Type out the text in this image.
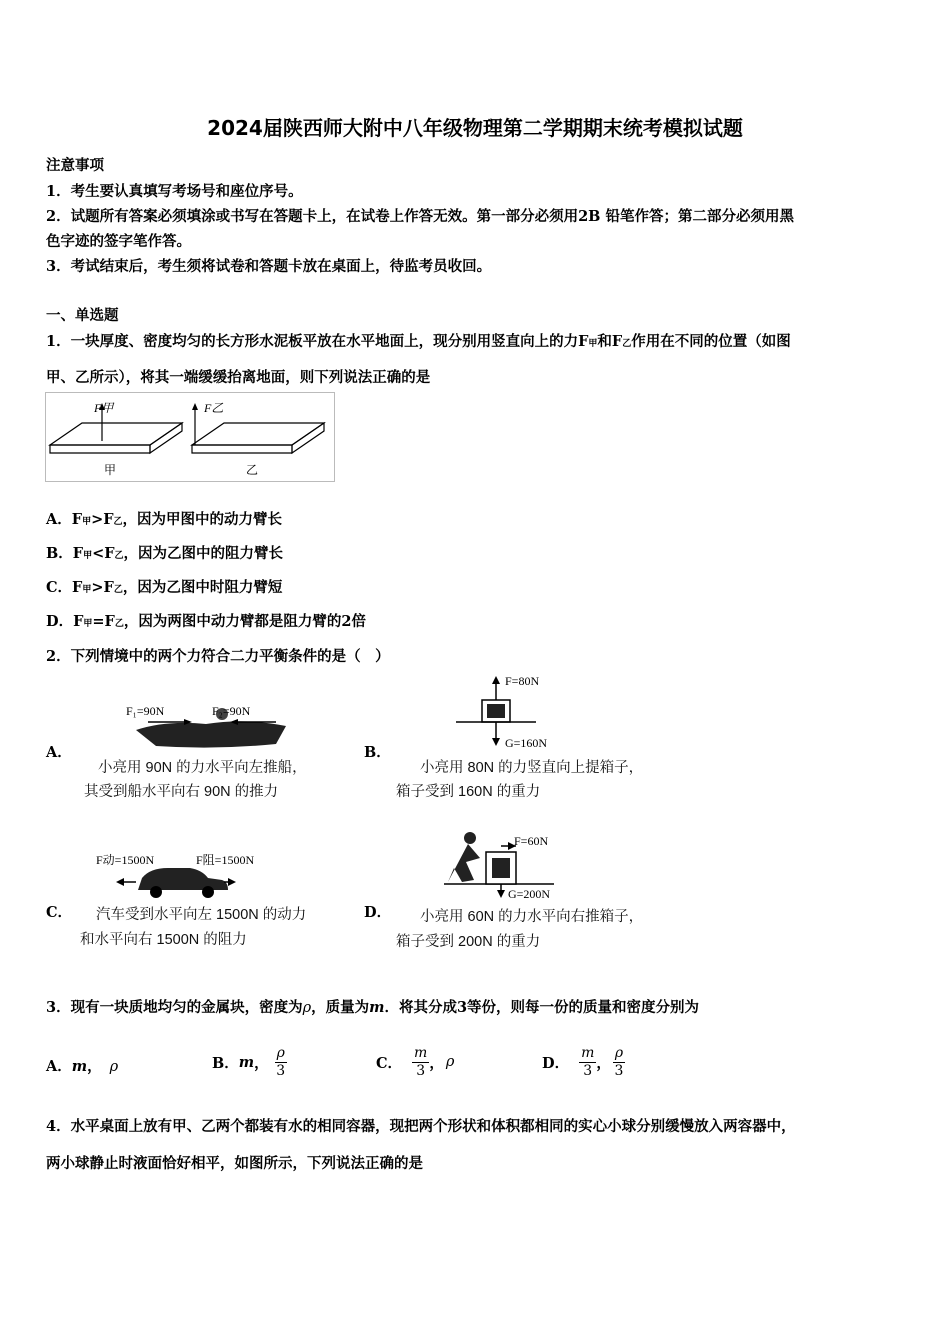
2024届陕西师大附中八年级物理第二学期期末统考模拟试题
注意事项
1．考生要认真填写考场号和座位序号。
2．试题所有答案必须填涂或书写在答题卡上，在试卷上作答无效。第一部分必须用2B 铅笔作答；第二部分必须用黑
色字迹的签字笔作答。
3．考试结束后，考生须将试卷和答题卡放在桌面上，待监考员收回。
一、单选题
1．一块厚度、密度均匀的长方形水泥板平放在水平地面上，现分别用竖直向上的力F甲和F乙作用在不同的位置（如图
甲、乙所示），将其一端缓缓抬离地面，则下列说法正确的是
F甲	F乙
甲	乙
A．F甲>F乙，因为甲图中的动力臂长
B．F甲<F乙，因为乙图中的阻力臂长
C．F甲>F乙，因为乙图中时阻力臂短
D．F甲=F乙，因为两图中动力臂都是阻力臂的2倍
2．下列情境中的两个力符合二力平衡条件的是（　）
A．
F₁=90N	F₂=90N
小亮用 90N 的力水平向左推船，
其受到船水平向右 90N 的推力
B．
F=80N
G=160N
小亮用 80N 的力竖直向上提箱子，
箱子受到 160N 的重力
C．
F动=1500N	F阻=1500N
汽车受到水平向左 1500N 的动力
和水平向右 1500N 的阻力
D．
F=60N
G=200N
小亮用 60N 的力水平向右推箱子，
箱子受到 200N 的重力
3．现有一块质地均匀的金属块，密度为ρ，质量为m．将其分成3等份，则每一份的质量和密度分别为
A．m， ρ	B． m ， $\frac{\rho}{3}$	C． $\frac{m}{3}$ ， ρ	D． $\frac{m}{3}$ ， $\frac{\rho}{3}$
4．水平桌面上放有甲、乙两个都装有水的相同容器，现把两个形状和体积都相同的实心小球分别缓慢放入两容器中，
两小球静止时液面恰好相平，如图所示，下列说法正确的是
